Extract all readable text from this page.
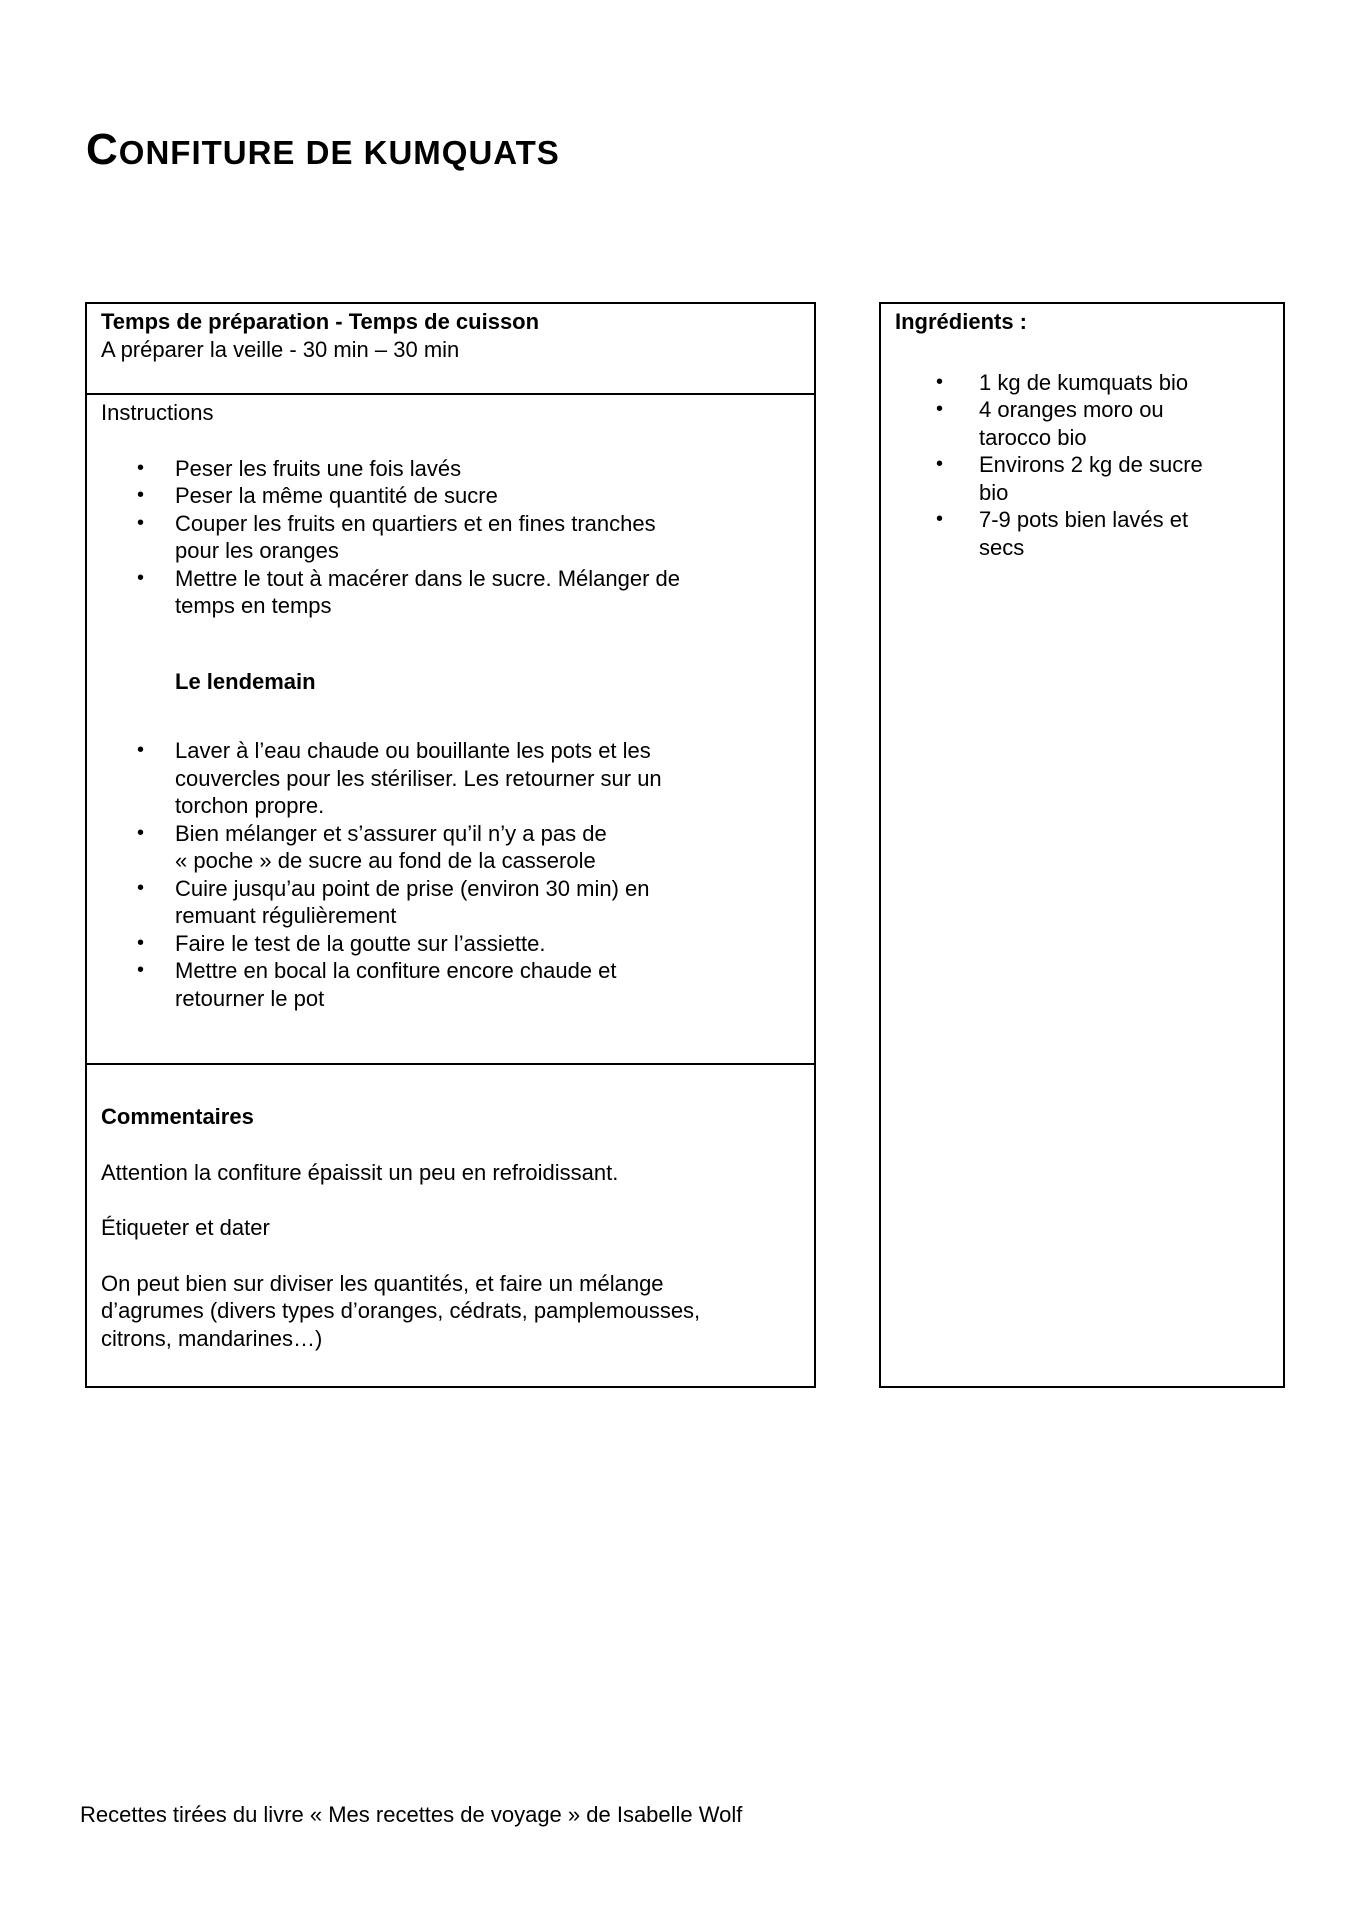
CONFITURE DE KUMQUATS

Temps de préparation - Temps de cuisson

A préparer la veille - 30 min – 30 min

Instructions

• Peser les fruits une fois lavés
• Peser la même quantité de sucre
• Couper les fruits en quartiers et en fines tranches pour les oranges
• Mettre le tout à macérer dans le sucre. Mélanger de temps en temps

Le lendemain

• Laver à l’eau chaude ou bouillante les pots et les couvercles pour les stériliser. Les retourner sur un torchon propre.
• Bien mélanger et s’assurer qu’il n’y a pas de « poche » de sucre au fond de la casserole
• Cuire jusqu’au point de prise (environ 30 min) en remuant régulièrement
• Faire le test de la goutte sur l’assiette.
• Mettre en bocal la confiture encore chaude et retourner le pot

Commentaires

Attention la confiture épaissit un peu en refroidissant.

Étiqueter et dater

On peut bien sur diviser les quantités, et faire un mélange d’agrumes (divers types d’oranges, cédrats, pamplemousses, citrons, mandarines…)

Ingrédients :

• 1 kg de kumquats bio
• 4 oranges moro ou tarocco bio
• Environs 2 kg de sucre bio
• 7-9 pots bien lavés et secs

Recettes tirées du livre « Mes recettes de voyage » de Isabelle Wolf
